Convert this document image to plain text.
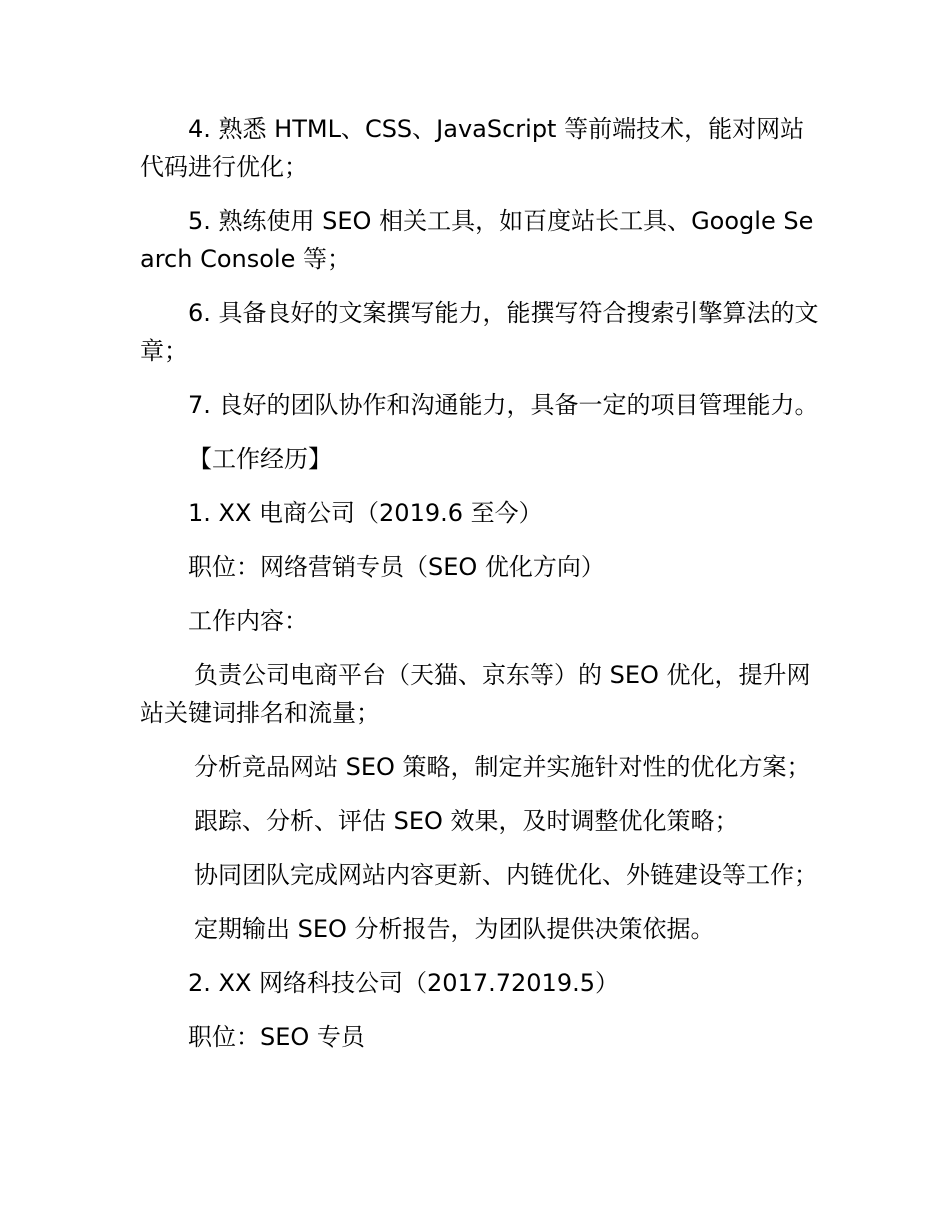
4. 熟悉 HTML、CSS、JavaScript 等前端技术，能对网站代码进行优化；

5. 熟练使用 SEO 相关工具，如百度站长工具、Google Search Console 等；

6. 具备良好的文案撰写能力，能撰写符合搜索引擎算法的文章；

7. 良好的团队协作和沟通能力，具备一定的项目管理能力。

【工作经历】

1. XX 电商公司（2019.6 至今）

职位：网络营销专员（SEO 优化方向）

工作内容：

负责公司电商平台（天猫、京东等）的 SEO 优化，提升网站关键词排名和流量；

分析竞品网站 SEO 策略，制定并实施针对性的优化方案；

跟踪、分析、评估 SEO 效果，及时调整优化策略；

协同团队完成网站内容更新、内链优化、外链建设等工作；

定期输出 SEO 分析报告，为团队提供决策依据。

2. XX 网络科技公司（2017.72019.5）

职位：SEO 专员
